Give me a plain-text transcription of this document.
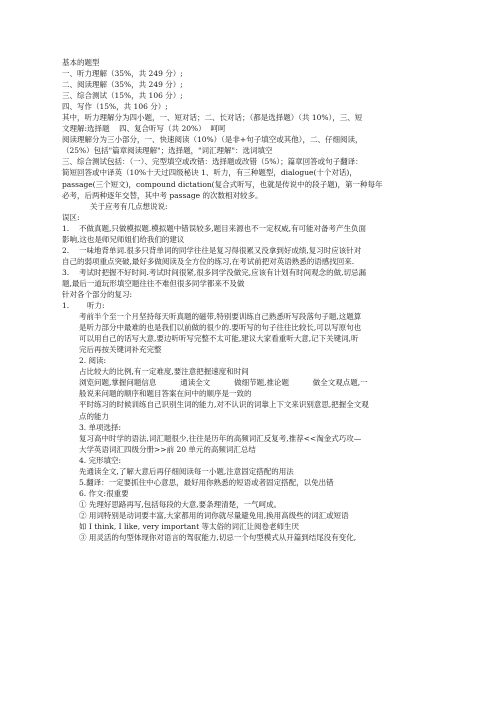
基本的题型
一、听力理解（35%，共 249 分）;
二、阅读理解（35%，共 249 分）;
三、综合测试（15%，共 106 分）;
四、写作（15%，共 106 分）;
其中，听力理解分为四小题，一、短对话；二、长对话；（都是选择题）（共 10%），三、短
文理解:选择题    四、复合听写（共 20%）  呵呵
阅读理解分为三小部分，一、快速阅读（10%）（是非+句子填空或其他），二、仔细阅读，
（25%）包括"篇章阅读理解"；选择题，"词汇理解"：选词填空
三、综合测试包括：（一）、完型填空或改错：选择题或改错（5%）；篇章回答或句子翻译：
简短回答或中译英（10%十天过四级秘诀 1、听力，有三种题型，dialogue(十个对话)，
passage(三个短文)，compound dictation(复合式听写，也就是传说中的段子题)，第一种每年
必考，后两种逐年交替，其中考 passage 的次数相对较多。
关于应考有几点想说说:
误区:
1.	不做真题,只做模拟题.模拟题中错误较多,题目来源也不一定权威,有可能对备考产生负面
影响,这也是师兄师姐们给我们的建议
2.	一味地背单词.很多只背单词的同学往往是复习得很累又没拿到好成绩,复习时应该针对
自己的弱项重点突破,最好多做阅读及全方位的练习,在考试前把对英语熟悉的语感找回来.
3.	考试时把握不好时间.考试时间很紧,很多同学没做完,应该有计划有时间观念的做,切忌漏
题,最后一道玩形填空题往往不难但很多同学都来不及做
针对各个部分的复习:
1.	听力:
考前半个至一个月坚持每天听真题的磁带,特别要训练自己熟悉听写段落句子题,这题算
是听力部分中最难的也是我们以前做的很少的.要听写的句子往往比较长,可以写原句也
可以用自己的话写大意,要边听听写完整不太可能,建议大家看重听大意,记下关键词,听
完后再按关键词补充完整
2. 阅读:
占比较大的比例,有一定难度,要注意把握速度和时间
浏览问题,掌握问题信息          通读全文          做细节题,推论题          做全文观点题,一
般说来问题的顺序和题目答案在问中的顺序是一致的
平时练习的时候训练自己识别生词的能力,对不认识的词靠上下文来识别意思,把握全文观
点的能力
3. 单项选择:
复习高中时学的语法,词汇题很少,往往是历年的高频词汇反复考,推荐<<淘金式巧攻—
大学英语词汇四级分册>>前 20 单元的高频词汇总结
4. 完形填空:
先通读全文,了解大意后再仔细阅读每一小题,注意固定搭配的用法
5.翻译：一定要抓住中心意思，最好用你熟悉的短语或者固定搭配，以免出错
6. 作文:很重要
① 先理好思路再写,包括每段的大意,要条理清楚，一气呵成。
② 用词特别是动词要丰富,大家都用的词你就尽量避免用,换用高级些的词汇或短语
如 I think, I like, very important 等太俗的词汇让阅卷老师生厌
③ 用灵活的句型体现你对语言的驾驭能力,切忌一个句型模式从开篇到结尾没有变化,
